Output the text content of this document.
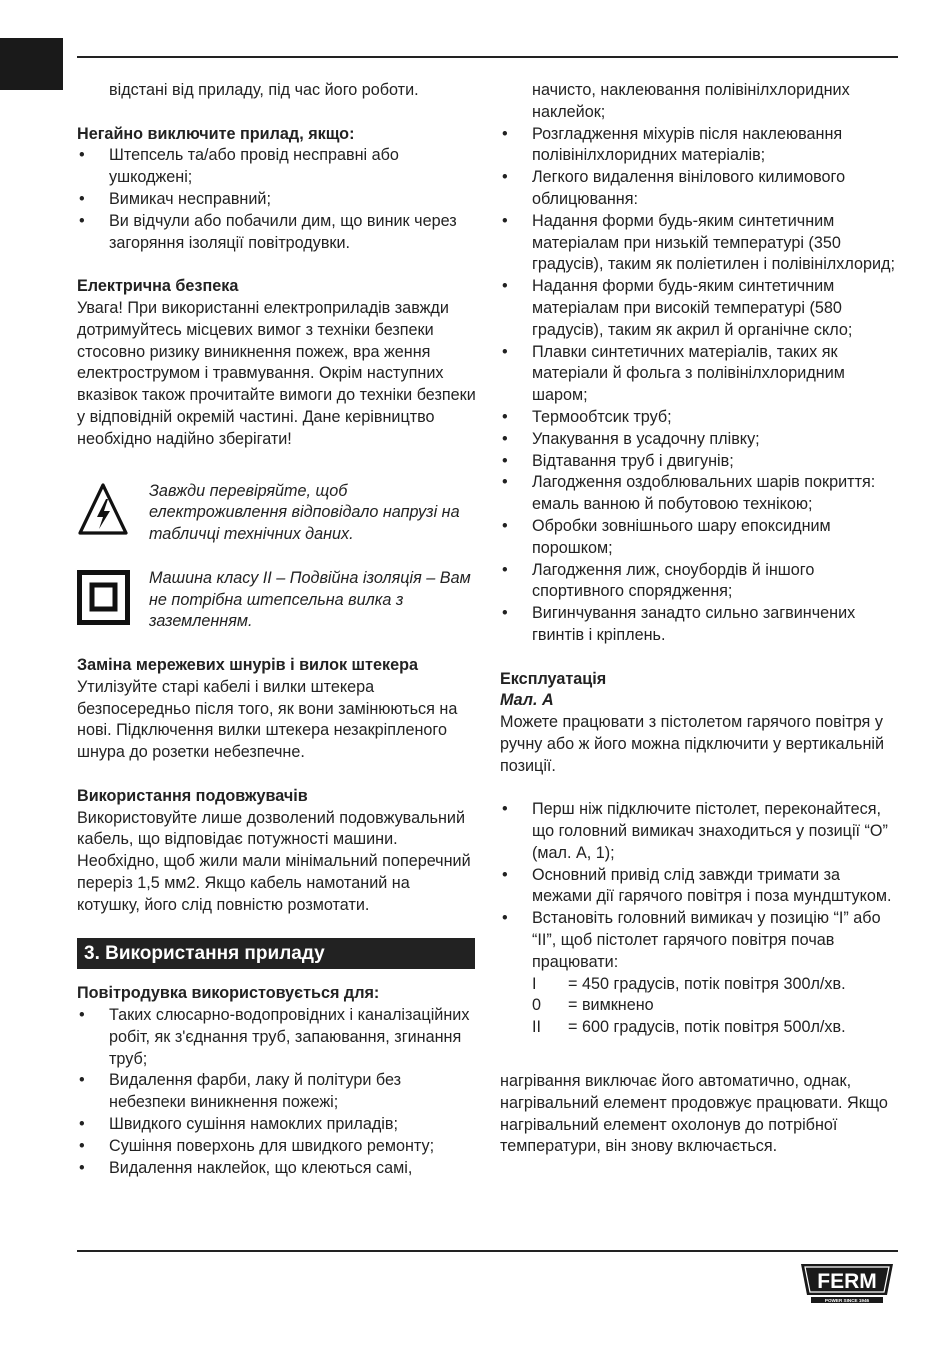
відстані від приладу, під час його роботи.

Негайно виключите прилад, якщо:

• Штепсель та/або провід несправні або ушкоджені;
• Вимикач несправний;
• Ви відчули або побачили дим, що виник через загоряння ізоляції повітродувки.

Електрична безпека

Увага! При використанні електроприладів завжди дотримуйтесь місцевих вимог з техніки безпеки стосовно ризику виникнення пожеж, вра ження електрострумом і травмування. Окрім наступних вказівок також прочитайте вимоги до техніки безпеки у відповідній окремій частині. Дане керівництво необхідно надійно зберігати!

Завжди перевіряйте, щоб електроживлення відповідало напрузі на табличці технічних даних.

Машина класу II – Подвійна ізоляція – Вам не потрібна штепсельна вилка з заземленням.

Заміна мережевих шнурів і вилок штекера

Утилізуйте старі кабелі і вилки штекера безпосередньо після того, як вони замінюються на нові. Підключення вилки штекера незакріпленого шнура до розетки небезпечне.

Використання подовжувачів

Використовуйте лише дозволений подовжувальний кабель, що відповідає потужності машини. Необхідно, щоб жили мали мінімальний поперечний переріз 1,5 мм2. Якщо кабель намотаний на котушку, його слід повністю розмотати.

3. Використання приладу

Повітродувка використовується для:

• Таких слюсарно-водопровідних і каналізаційних робіт, як з'єднання труб, запаювання, згинання труб;
• Видалення фарби, лаку й політури без небезпеки виникнення пожежі;
• Швидкого сушіння намоклих приладів;
• Сушіння поверхонь для швидкого ремонту;
• Видалення наклейок, що клеються самі,

начисто, наклеювання полівінілхлоридних наклейок;

• Розгладження міхурів після наклеювання полівінілхлоридних матеріалів;
• Легкого видалення вінілового килимового облицювання:
• Надання форми будь-яким синтетичним матеріалам при низькій температурі (350 градусів), таким як поліетилен і полівінілхлорид;
• Надання форми будь-яким синтетичним матеріалам при високій температурі (580 градусів), таким як акрил й органічне скло;
• Плавки синтетичних матеріалів, таких як матеріали й фольга з полівінілхлоридним шаром;
• Термообтсик труб;
• Упакування в усадочну плівку;
• Відтавання труб і двигунів;
• Лагодження оздоблювальних шарів покриття: емаль ванною й побутовою технікою;
• Обробки зовнішнього шару епоксидним порошком;
• Лагодження лиж, сноубордів й іншого спортивного спорядження;
• Вигинчування занадто сильно загвинчених гвинтів і кріплень.

Експлуатація

Мал. A

Можете працювати з пістолетом гарячого повітря у ручну або ж його можна підключити у вертикальній позиції.

• Перш ніж підключите пістолет, переконайтеся, що головний вимикач знаходиться у позиції “O” (мал. A, 1);
• Основний привід слід завжди тримати за межами дії гарячого повітря і поза мундштуком.
• Встановіть головний вимикач у позицію “I” або “II”, щоб пістолет гарячого повітря почав працювати:
I	= 450 градусів, потік повітря 300л/хв.
0	= вимкнено
II	= 600 градусів, потік повітря 500л/хв.

нагрівання виключає його автоматично, однак, нагрівальний елемент продовжує працювати. Якщо нагрівальний елемент охолонув до потрібної температури, він знову включається.

FERM
POWER SINCE 1946
